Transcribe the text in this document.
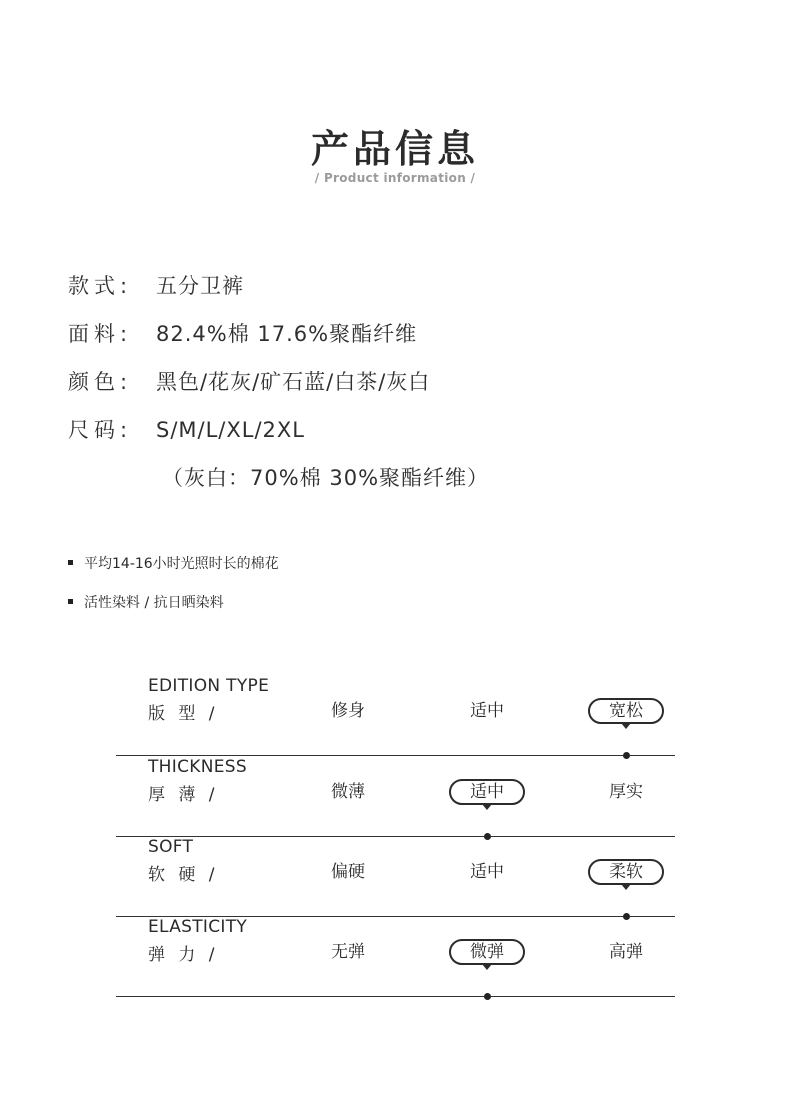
产品信息
/ Product information /
款式: 五分卫裤
面料: 82.4%棉 17.6%聚酯纤维
颜色: 黑色/花灰/矿石蓝/白茶/灰白
尺码: S/M/L/XL/2XL
（灰白：70%棉 30%聚酯纤维）
平均14-16小时光照时长的棉花
活性染料 / 抗日晒染料
EDITION TYPE
版 型 /	修身	适中	宽松
THICKNESS
厚 薄 /	微薄	适中	厚实
SOFT
软 硬 /	偏硬	适中	柔软
ELASTICITY
弹 力 /	无弹	微弹	高弹
